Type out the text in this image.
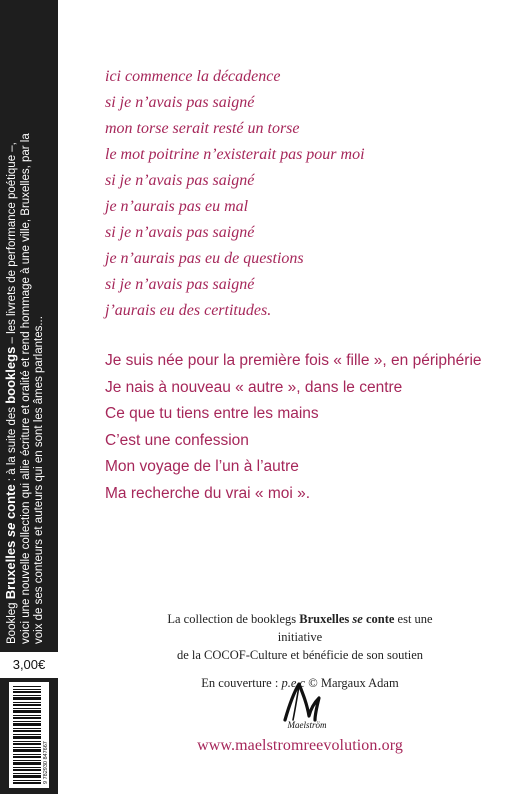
Bookleg Bruxelles se conte : à la suite des booklegs – les livrets de performance poétique –, voici une nouvelle collection qui allie écriture et oralité et rend hommage à une ville, Bruxelles, par la voix de ses conteurs et auteurs qui en sont les âmes parlantes...
3,00€
9 782930 847667
ici commence la décadence
si je n’avais pas saigné
mon torse serait resté un torse
le mot poitrine n’existerait pas pour moi
si je n’avais pas saigné
je n’aurais pas eu mal
si je n’avais pas saigné
je n’aurais pas eu de questions
si je n’avais pas saigné
j’aurais eu des certitudes.
Je suis née pour la première fois « fille », en périphérie
Je nais à nouveau « autre », dans le centre
Ce que tu tiens entre les mains
C’est une confession
Mon voyage de l’un à l’autre
Ma recherche du vrai « moi ».
La collection de booklegs Bruxelles se conte est une initiative
de la COCOF-Culture et bénéficie de son soutien
En couverture : p.e.c © Margaux Adam
Maelström
www.maelstromreevolution.org
